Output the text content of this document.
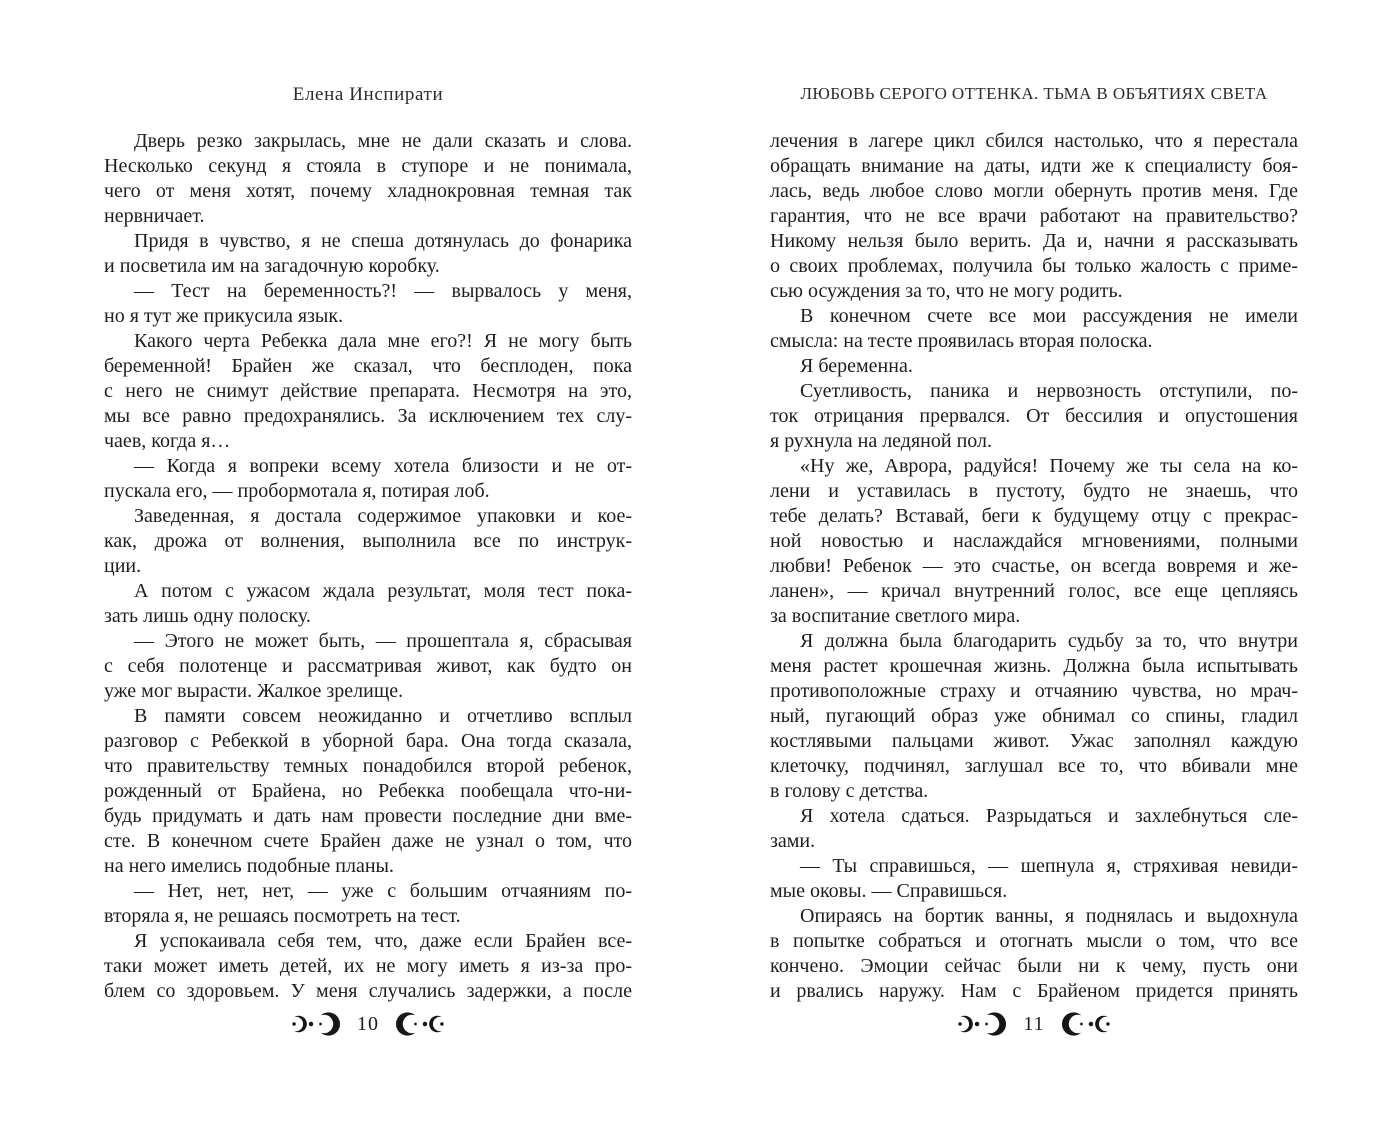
Елена Инспирати
Дверь резко закрылась, мне не дали сказать и слова.
Несколько секунд я стояла в ступоре и не понимала,
чего от меня хотят, почему хладнокровная темная так
нервничает.
Придя в чувство, я не спеша дотянулась до фонарика
и посветила им на загадочную коробку.
— Тест на беременность?! — вырвалось у меня,
но я тут же прикусила язык.
Какого черта Ребекка дала мне его?! Я не могу быть
беременной! Брайен же сказал, что бесплоден, пока
с него не снимут действие препарата. Несмотря на это,
мы все равно предохранялись. За исключением тех слу-
чаев, когда я…
— Когда я вопреки всему хотела близости и не от-
пускала его, — пробормотала я, потирая лоб.
Заведенная, я достала содержимое упаковки и кое-
как, дрожа от волнения, выполнила все по инструк-
ции.
А потом с ужасом ждала результат, моля тест пока-
зать лишь одну полоску.
— Этого не может быть, — прошептала я, сбрасывая
с себя полотенце и рассматривая живот, как будто он
уже мог вырасти. Жалкое зрелище.
В памяти совсем неожиданно и отчетливо всплыл
разговор с Ребеккой в уборной бара. Она тогда сказала,
что правительству темных понадобился второй ребенок,
рожденный от Брайена, но Ребекка пообещала что-ни-
будь придумать и дать нам провести последние дни вме-
сте. В конечном счете Брайен даже не узнал о том, что
на него имелись подобные планы.
— Нет, нет, нет, — уже с большим отчаяниям по-
вторяла я, не решаясь посмотреть на тест.
Я успокаивала себя тем, что, даже если Брайен все-
таки может иметь детей, их не могу иметь я из-за про-
блем со здоровьем. У меня случались задержки, а после
10
ЛЮБОВЬ СЕРОГО ОТТЕНКА. ТЬМА В ОБЪЯТИЯХ СВЕТА
лечения в лагере цикл сбился настолько, что я перестала
обращать внимание на даты, идти же к специалисту боя-
лась, ведь любое слово могли обернуть против меня. Где
гарантия, что не все врачи работают на правительство?
Никому нельзя было верить. Да и, начни я рассказывать
о своих проблемах, получила бы только жалость с приме-
сью осуждения за то, что не могу родить.
В конечном счете все мои рассуждения не имели
смысла: на тесте проявилась вторая полоска.
Я беременна.
Суетливость, паника и нервозность отступили, по-
ток отрицания прервался. От бессилия и опустошения
я рухнула на ледяной пол.
«Ну же, Аврора, радуйся! Почему же ты села на ко-
лени и уставилась в пустоту, будто не знаешь, что
тебе делать? Вставай, беги к будущему отцу с прекрас-
ной новостью и наслаждайся мгновениями, полными
любви! Ребенок — это счастье, он всегда вовремя и же-
ланен», — кричал внутренний голос, все еще цепляясь
за воспитание светлого мира.
Я должна была благодарить судьбу за то, что внутри
меня растет крошечная жизнь. Должна была испытывать
противоположные страху и отчаянию чувства, но мрач-
ный, пугающий образ уже обнимал со спины, гладил
костлявыми пальцами живот. Ужас заполнял каждую
клеточку, подчинял, заглушал все то, что вбивали мне
в голову с детства.
Я хотела сдаться. Разрыдаться и захлебнуться сле-
зами.
— Ты справишься, — шепнула я, стряхивая невиди-
мые оковы. — Справишься.
Опираясь на бортик ванны, я поднялась и выдохнула
в попытке собраться и отогнать мысли о том, что все
кончено. Эмоции сейчас были ни к чему, пусть они
и рвались наружу. Нам с Брайеном придется принять
11
